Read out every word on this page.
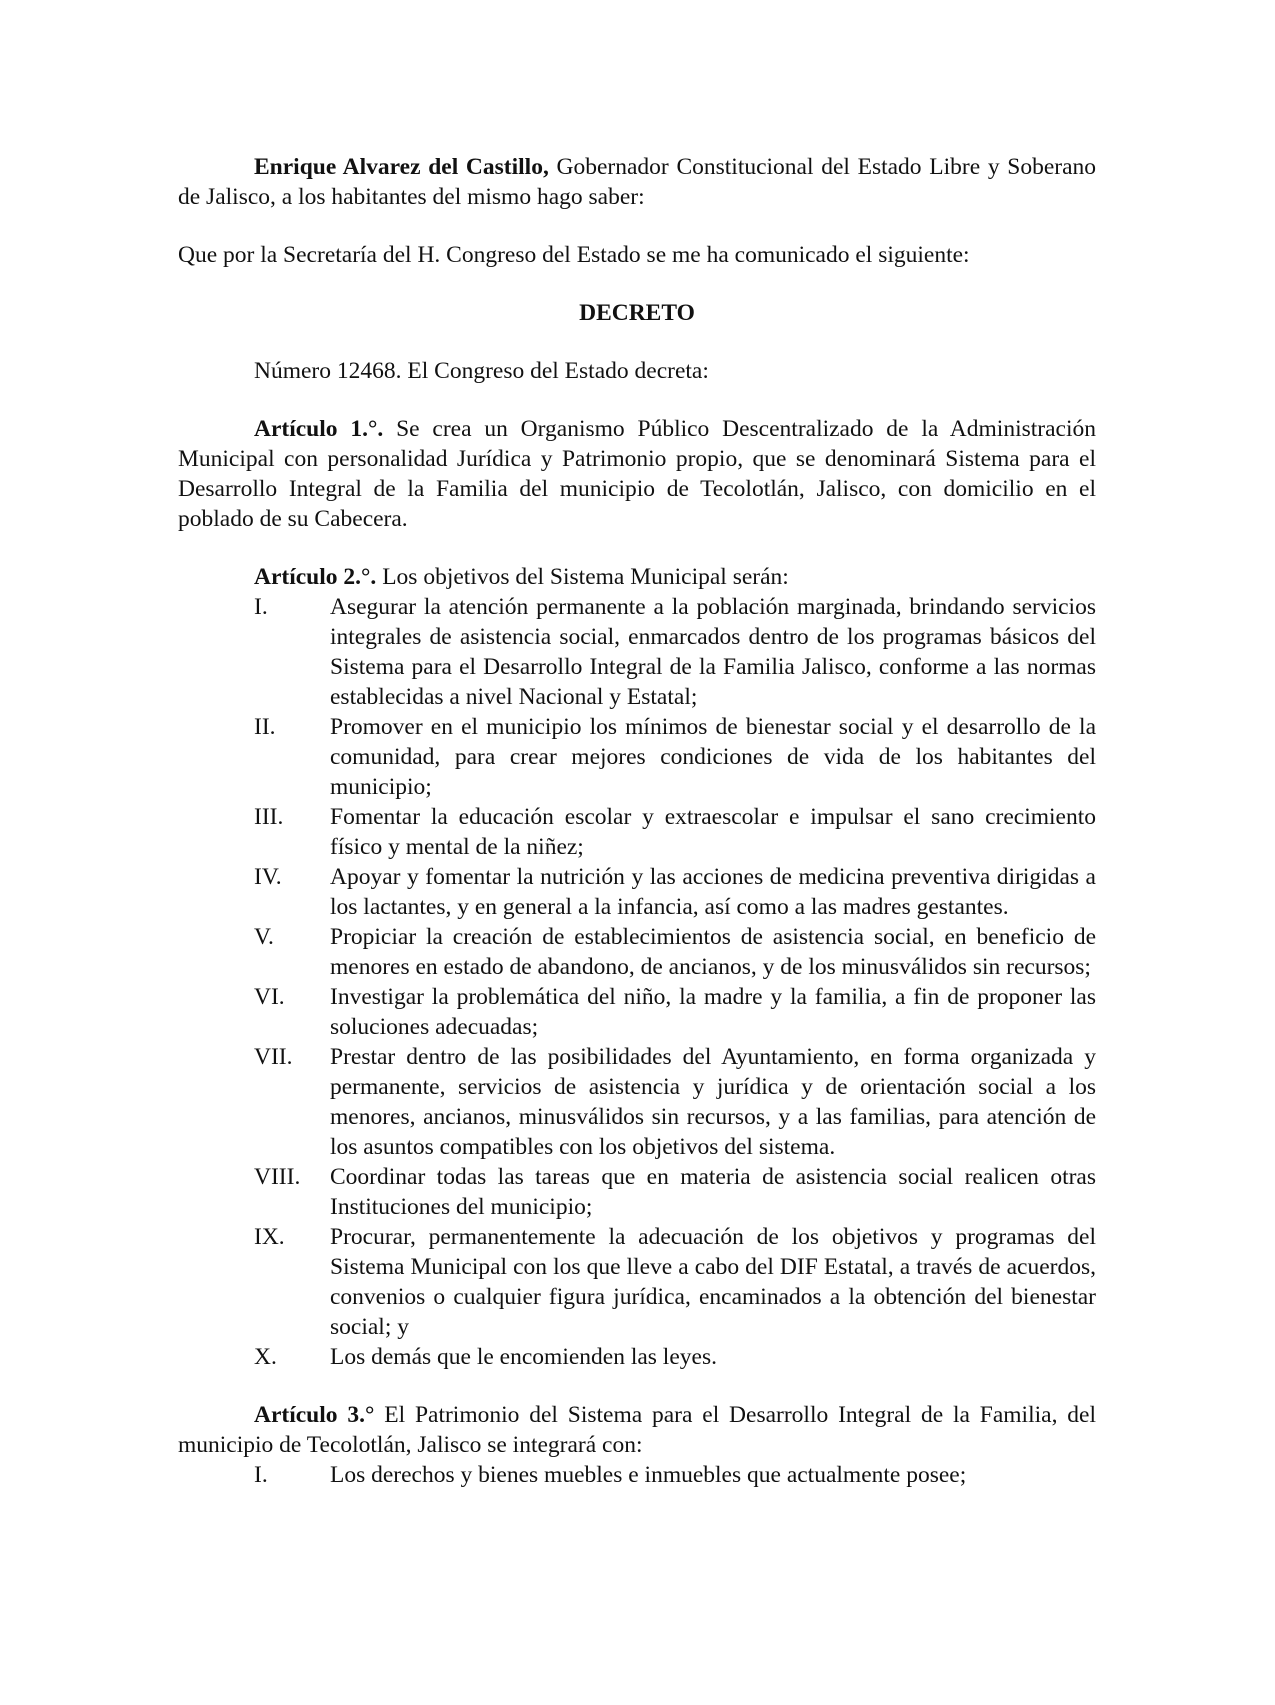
Enrique Alvarez del Castillo, Gobernador Constitucional del Estado Libre y Soberano de Jalisco, a los habitantes del mismo hago saber:

Que por la Secretaría del H. Congreso del Estado se me ha comunicado el siguiente:

DECRETO

Número 12468. El Congreso del Estado decreta:

Artículo 1.°. Se crea un Organismo Público Descentralizado de la Administración Municipal con personalidad Jurídica y Patrimonio propio, que se denominará Sistema para el Desarrollo Integral de la Familia del municipio de Tecolotlán, Jalisco, con domicilio en el poblado de su Cabecera.

Artículo 2.°. Los objetivos del Sistema Municipal serán:

I.	Asegurar la atención permanente a la población marginada, brindando servicios integrales de asistencia social, enmarcados dentro de los programas básicos del Sistema para el Desarrollo Integral de la Familia Jalisco, conforme a las normas establecidas a nivel Nacional y Estatal;
II.	Promover en el municipio los mínimos de bienestar social y el desarrollo de la comunidad, para crear mejores condiciones de vida de los habitantes del municipio;
III.	Fomentar la educación escolar y extraescolar e impulsar el sano crecimiento físico y mental de la niñez;
IV.	Apoyar y fomentar la nutrición y las acciones de medicina preventiva dirigidas a los lactantes, y en general a la infancia, así como a las madres gestantes.
V.	Propiciar la creación de establecimientos de asistencia social, en beneficio de menores en estado de abandono, de ancianos, y de los minusválidos sin recursos;
VI.	Investigar la problemática del niño, la madre y la familia, a fin de proponer las soluciones adecuadas;
VII.	Prestar dentro de las posibilidades del Ayuntamiento, en forma organizada y permanente, servicios de asistencia y jurídica y de orientación social a los menores, ancianos, minusválidos sin recursos, y a las familias, para atención de los asuntos compatibles con los objetivos del sistema.
VIII.	Coordinar todas las tareas que en materia de asistencia social realicen otras Instituciones del municipio;
IX.	Procurar, permanentemente la adecuación de los objetivos y programas del Sistema Municipal con los que lleve a cabo del DIF Estatal, a través de acuerdos, convenios o cualquier figura jurídica, encaminados a la obtención del bienestar social; y
X.	Los demás que le encomienden las leyes.

Artículo 3.° El Patrimonio del Sistema para el Desarrollo Integral de la Familia, del municipio de Tecolotlán, Jalisco se integrará con:

I.	Los derechos y bienes muebles e inmuebles que actualmente posee;
